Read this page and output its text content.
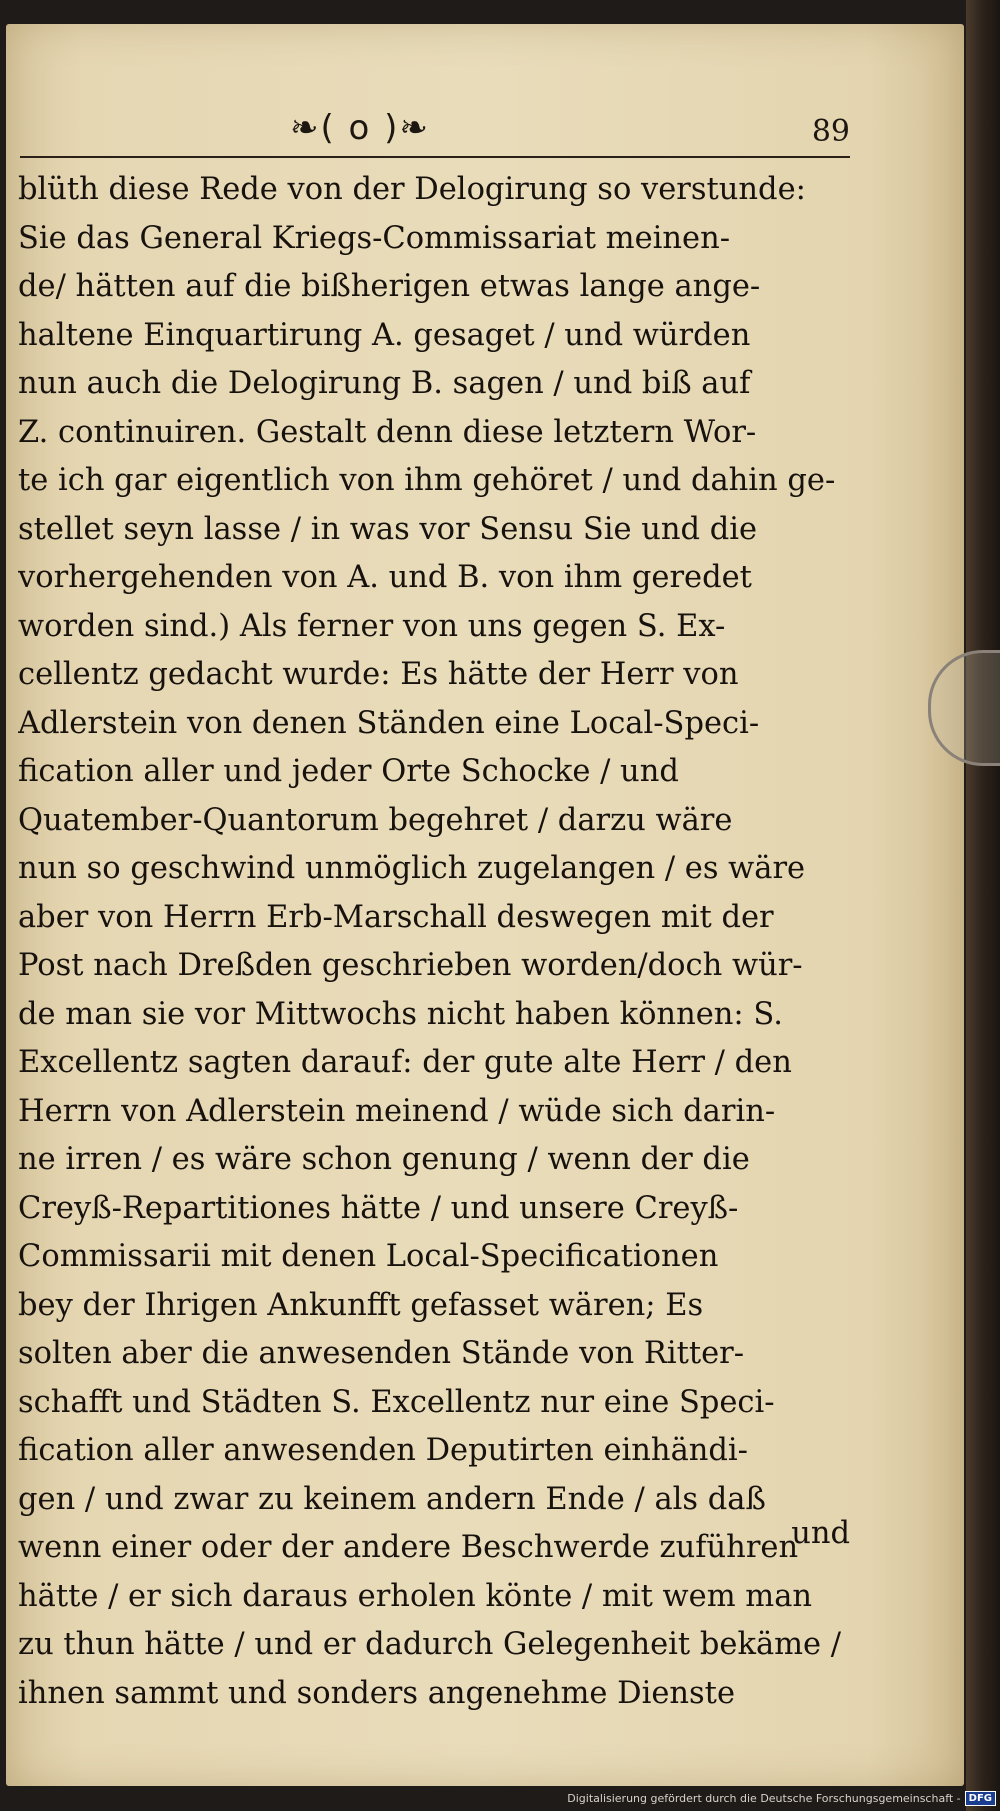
❧( o )❧	89
blüth diese Rede von der Delogirung so verstunde:
Sie das General Kriegs-Commissariat meinen-
de/ hätten auf die bißherigen etwas lange ange-
haltene Einquartirung A. gesaget / und würden
nun auch die Delogirung B. sagen / und biß auf
Z. continuiren. Gestalt denn diese letztern Wor-
te ich gar eigentlich von ihm gehöret / und dahin ge-
stellet seyn lasse / in was vor Sensu Sie und die
vorhergehenden von A. und B. von ihm geredet
worden sind.) Als ferner von uns gegen S. Ex-
cellentz gedacht wurde: Es hätte der Herr von
Adlerstein von denen Ständen eine Local-Speci-
fication aller und jeder Orte Schocke / und
Quatember-Quantorum begehret / darzu wäre
nun so geschwind unmöglich zugelangen / es wäre
aber von Herrn Erb-Marschall deswegen mit der
Post nach Dreßden geschrieben worden/doch wür-
de man sie vor Mittwochs nicht haben können: S.
Excellentz sagten darauf: der gute alte Herr / den
Herrn von Adlerstein meinend / wüde sich darin-
ne irren / es wäre schon genung / wenn der die
Creyß-Repartitiones hätte / und unsere Creyß-
Commissarii mit denen Local-Specificationen
bey der Ihrigen Ankunfft gefasset wären; Es
solten aber die anwesenden Stände von Ritter-
schafft und Städten S. Excellentz nur eine Speci-
fication aller anwesenden Deputirten einhändi-
gen / und zwar zu keinem andern Ende / als daß
wenn einer oder der andere Beschwerde zuführen
hätte / er sich daraus erholen könte / mit wem man
zu thun hätte / und er dadurch Gelegenheit bekäme /
ihnen sammt und sonders angenehme Dienste
und
Digitalisierung gefördert durch die Deutsche Forschungsgemeinschaft - DFG
